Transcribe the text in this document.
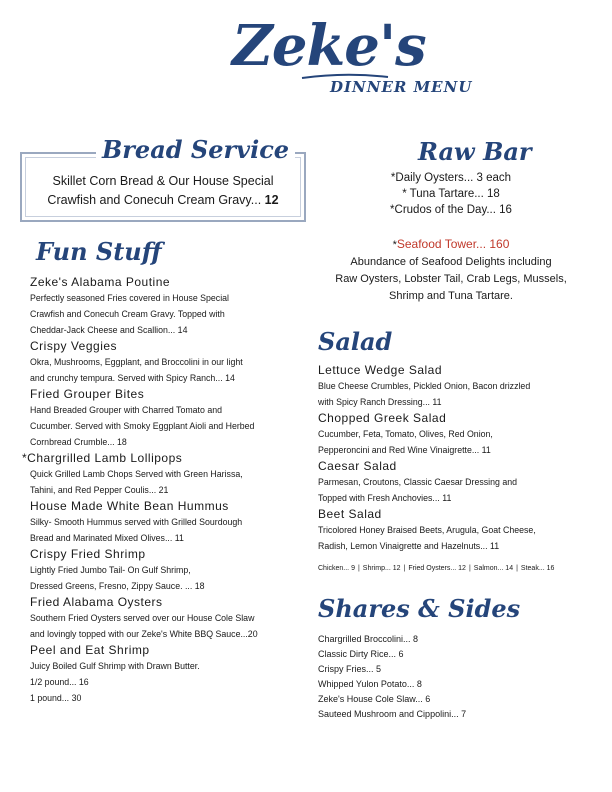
Zeke's
DINNER MENU
Bread Service
Skillet Corn Bread & Our House Special
Crawfish and Conecuh Cream Gravy... 12
Fun Stuff
Zeke's Alabama Poutine
Perfectly seasoned Fries covered in House Special
Crawfish and Conecuh Cream Gravy. Topped with
Cheddar-Jack Cheese and Scallion... 14
Crispy Veggies
Okra, Mushrooms, Eggplant, and Broccolini in our light
and crunchy tempura. Served with Spicy Ranch... 14
Fried Grouper Bites
Hand Breaded Grouper with Charred Tomato and
Cucumber. Served with Smoky Eggplant Aioli and Herbed
Cornbread Crumble... 18
*Chargrilled Lamb Lollipops
Quick Grilled Lamb Chops Served with Green Harissa,
Tahini, and Red Pepper Coulis... 21
House Made White Bean Hummus
Silky- Smooth Hummus served with Grilled Sourdough
Bread and Marinated Mixed Olives... 11
Crispy Fried Shrimp
Lightly Fried Jumbo Tail- On Gulf Shrimp,
Dressed Greens, Fresno, Zippy Sauce. ... 18
Fried Alabama Oysters
Southern Fried Oysters served over our House Cole Slaw
and lovingly topped with our Zeke's White BBQ Sauce...20
Peel and Eat Shrimp
Juicy Boiled Gulf Shrimp with Drawn Butter.
1/2 pound... 16
1 pound... 30
Raw Bar
*Daily Oysters... 3 each
* Tuna Tartare... 18
*Crudos of the Day... 16
*Seafood Tower... 160
Abundance of Seafood Delights including
Raw Oysters, Lobster Tail, Crab Legs, Mussels,
Shrimp and Tuna Tartare.
Salad
Lettuce Wedge Salad
Blue Cheese Crumbles, Pickled Onion, Bacon drizzled
with Spicy Ranch Dressing... 11
Chopped Greek Salad
Cucumber, Feta, Tomato, Olives, Red Onion,
Pepperoncini and Red Wine Vinaigrette... 11
Caesar Salad
Parmesan, Croutons, Classic Caesar Dressing and
Topped with Fresh Anchovies... 11
Beet Salad
Tricolored Honey Braised Beets, Arugula, Goat Cheese,
Radish, Lemon Vinaigrette and Hazelnuts... 11
Chicken... 9 | Shrimp... 12 | Fried Oysters... 12 | Salmon... 14 | Steak... 16
Shares & Sides
Chargrilled Broccolini... 8
Classic Dirty Rice... 6
Crispy Fries... 5
Whipped Yulon Potato... 8
Zeke's House Cole Slaw... 6
Sauteed Mushroom and Cippolini... 7
